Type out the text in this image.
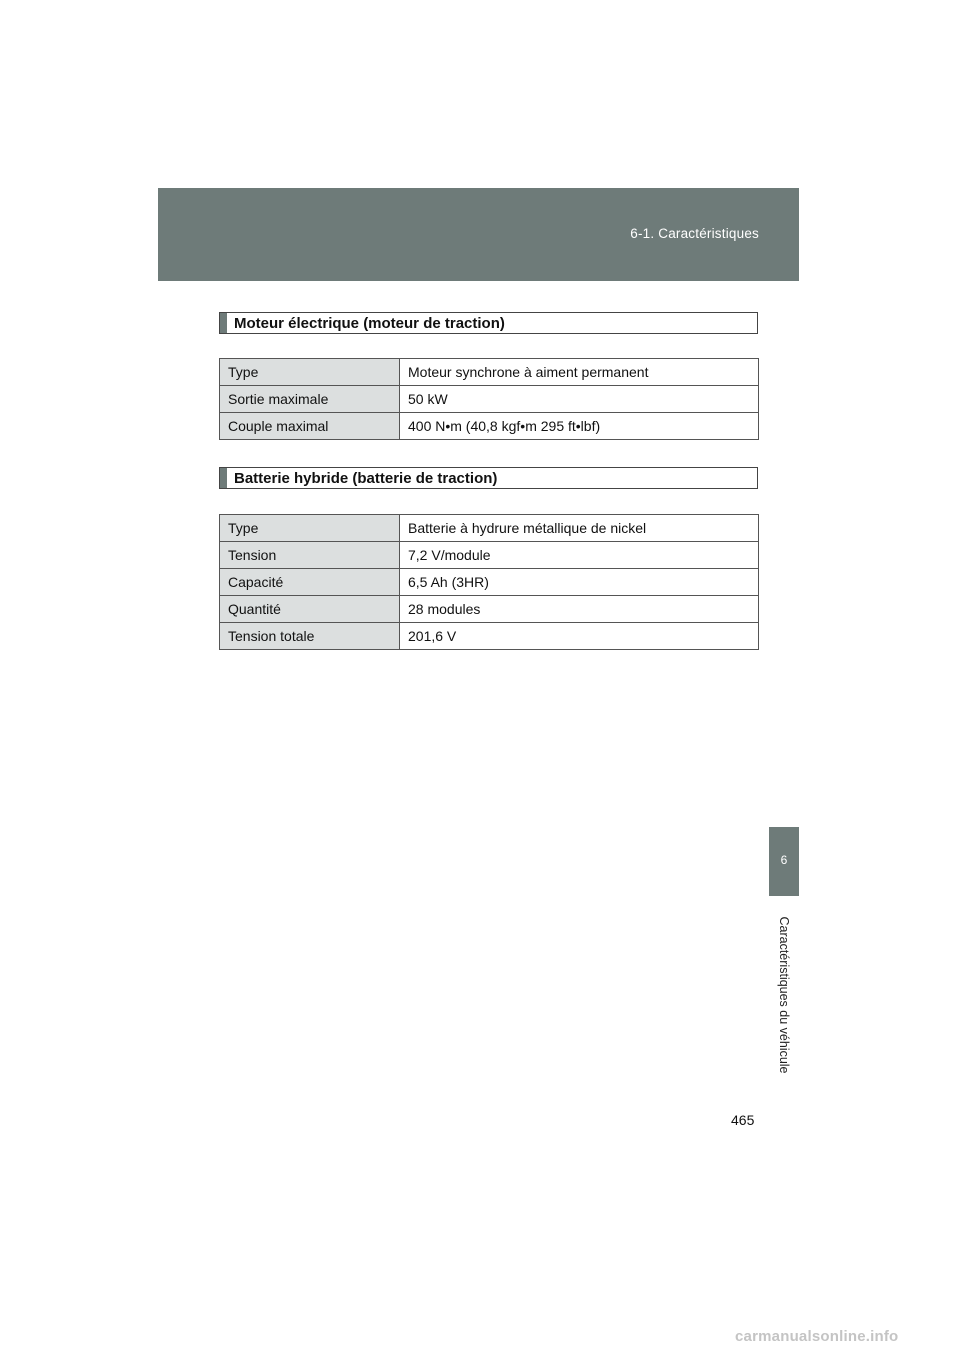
6-1. Caractéristiques
6
Caractéristiques du véhicule
Moteur électrique (moteur de traction)
Type	Moteur synchrone à aiment permanent
Sortie maximale	50 kW
Couple maximal	400 N•m (40,8 kgf•m 295 ft•lbf)
Batterie hybride (batterie de traction)
Type	Batterie à hydrure métallique de nickel
Tension	7,2 V/module
Capacité	6,5 Ah (3HR)
Quantité	28 modules
Tension totale	201,6 V
465
carmanualsonline.info
